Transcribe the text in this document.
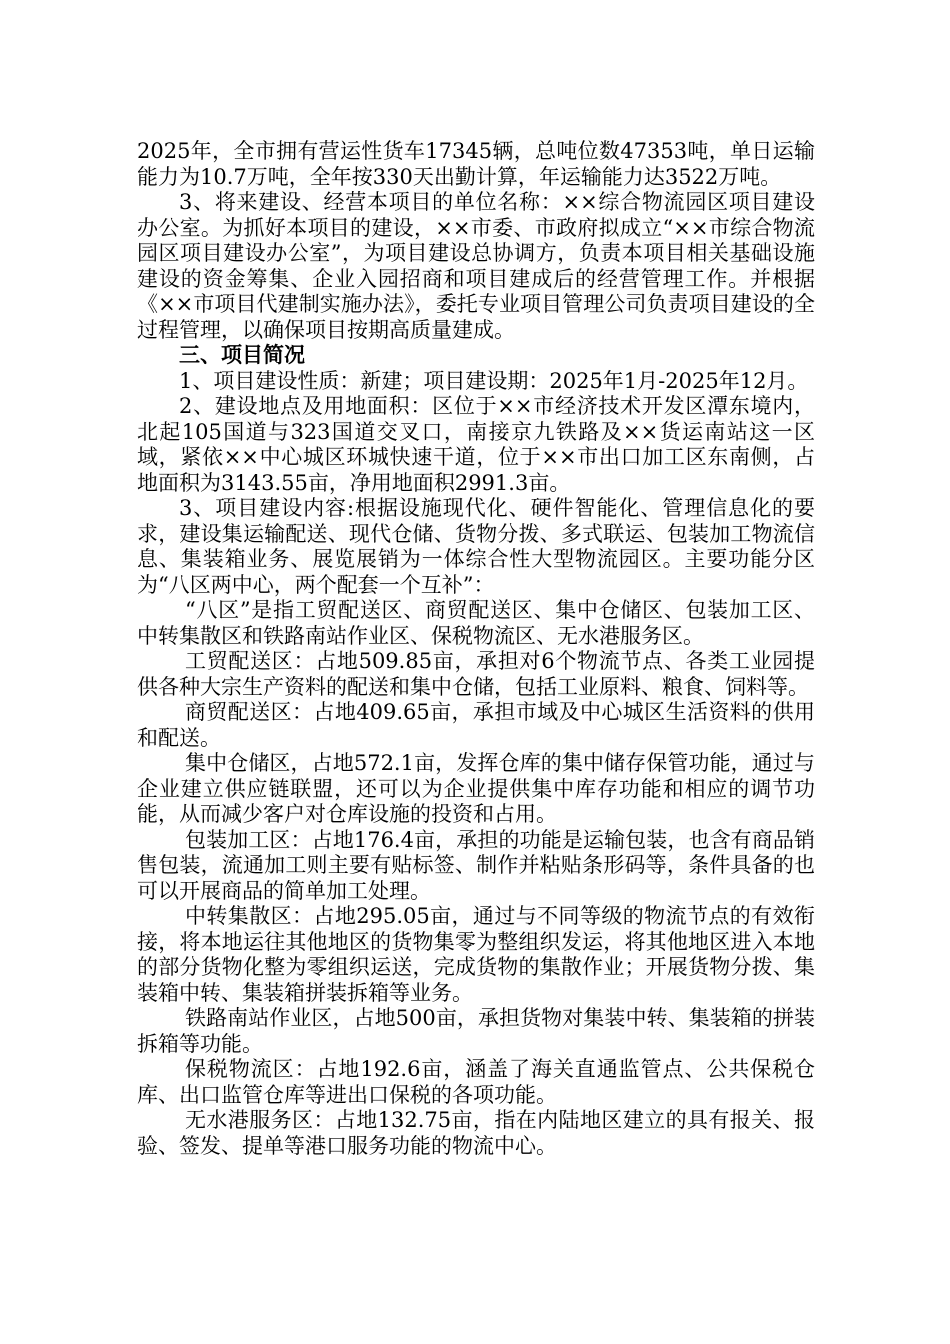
2025年，全市拥有营运性货车17345辆，总吨位数47353吨，单日运输能力为10.7万吨，全年按330天出勤计算，年运输能力达3522万吨。

3、将来建设、经营本项目的单位名称：××综合物流园区项目建设办公室。为抓好本项目的建设，××市委、市政府拟成立“××市综合物流园区项目建设办公室”，为项目建设总协调方，负责本项目相关基础设施建设的资金筹集、企业入园招商和项目建成后的经营管理工作。并根据《××市项目代建制实施办法》，委托专业项目管理公司负责项目建设的全过程管理，以确保项目按期高质量建成。

三、项目简况

1、项目建设性质：新建；项目建设期：2025年1月-2025年12月。

2、建设地点及用地面积：区位于××市经济技术开发区潭东境内，北起105国道与323国道交叉口，南接京九铁路及××货运南站这一区域，紧依××中心城区环城快速干道，位于××市出口加工区东南侧，占地面积为3143.55亩，净用地面积2991.3亩。

3、项目建设内容:根据设施现代化、硬件智能化、管理信息化的要求，建设集运输配送、现代仓储、货物分拨、多式联运、包装加工物流信息、集装箱业务、展览展销为一体综合性大型物流园区。主要功能分区为“八区两中心，两个配套一个互补”：

“八区”是指工贸配送区、商贸配送区、集中仓储区、包装加工区、中转集散区和铁路南站作业区、保税物流区、无水港服务区。

工贸配送区：占地509.85亩，承担对6个物流节点、各类工业园提供各种大宗生产资料的配送和集中仓储，包括工业原料、粮食、饲料等。

商贸配送区：占地409.65亩，承担市域及中心城区生活资料的供用和配送。

集中仓储区，占地572.1亩，发挥仓库的集中储存保管功能，通过与企业建立供应链联盟，还可以为企业提供集中库存功能和相应的调节功能，从而减少客户对仓库设施的投资和占用。

包装加工区：占地176.4亩，承担的功能是运输包装，也含有商品销售包装，流通加工则主要有贴标签、制作并粘贴条形码等，条件具备的也可以开展商品的简单加工处理。

中转集散区：占地295.05亩，通过与不同等级的物流节点的有效衔接，将本地运往其他地区的货物集零为整组织发运，将其他地区进入本地的部分货物化整为零组织运送，完成货物的集散作业；开展货物分拨、集装箱中转、集装箱拼装拆箱等业务。

铁路南站作业区，占地500亩，承担货物对集装中转、集装箱的拼装拆箱等功能。

保税物流区：占地192.6亩，涵盖了海关直通监管点、公共保税仓库、出口监管仓库等进出口保税的各项功能。

无水港服务区：占地132.75亩，指在内陆地区建立的具有报关、报验、签发、提单等港口服务功能的物流中心。
